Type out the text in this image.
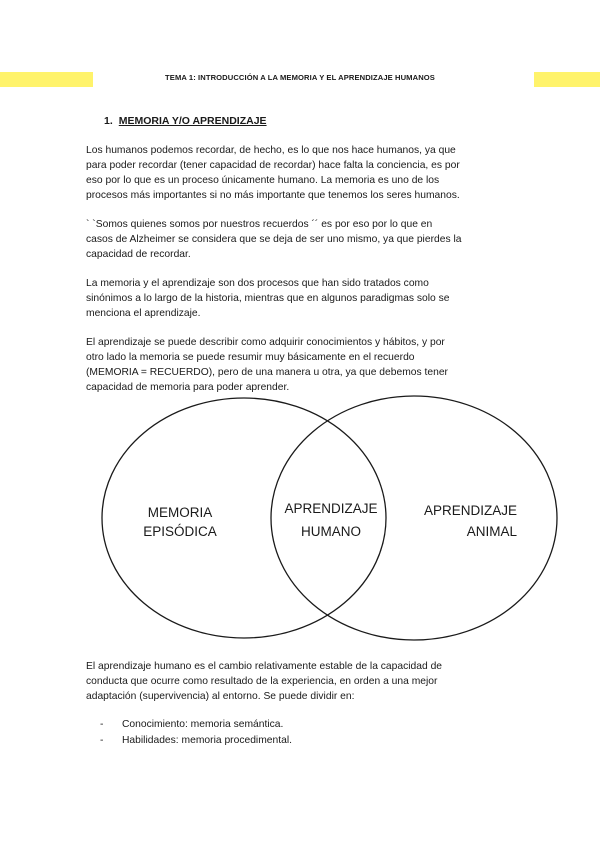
TEMA 1: INTRODUCCIÓN A LA MEMORIA Y EL APRENDIZAJE HUMANOS
1. MEMORIA Y/O APRENDIZAJE

Los humanos podemos recordar, de hecho, es lo que nos hace humanos, ya que
para poder recordar (tener capacidad de recordar) hace falta la conciencia, es por
eso por lo que es un proceso únicamente humano. La memoria es uno de los
procesos más importantes si no más importante que tenemos los seres humanos.

` `Somos quienes somos por nuestros recuerdos ´´ es por eso por lo que en
casos de Alzheimer se considera que se deja de ser uno mismo, ya que pierdes la
capacidad de recordar.

La memoria y el aprendizaje son dos procesos que han sido tratados como
sinónimos a lo largo de la historia, mientras que en algunos paradigmas solo se
menciona el aprendizaje.

El aprendizaje se puede describir como adquirir conocimientos y hábitos, y por
otro lado la memoria se puede resumir muy básicamente en el recuerdo
(MEMORIA = RECUERDO), pero de una manera u otra, ya que debemos tener
capacidad de memoria para poder aprender.

MEMORIA
EPISÓDICA
APRENDIZAJE
HUMANO
APRENDIZAJE
ANIMAL

El aprendizaje humano es el cambio relativamente estable de la capacidad de
conducta que ocurre como resultado de la experiencia, en orden a una mejor
adaptación (supervivencia) al entorno. Se puede dividir en:

- Conocimiento: memoria semántica.
- Habilidades: memoria procedimental.
